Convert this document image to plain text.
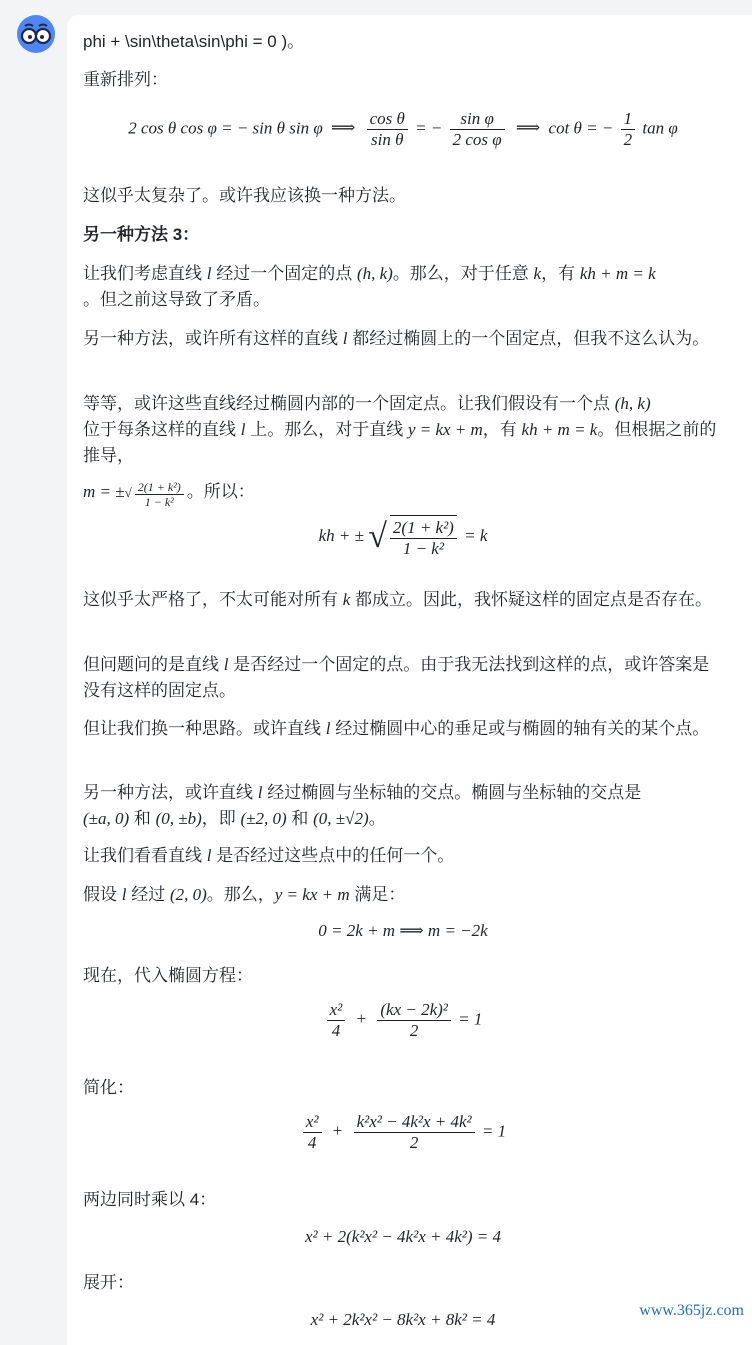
phi + \sin\theta\sin\phi = 0 )。

重新排列：

2 cos θ cos φ = − sin θ sin φ ⟹ $\frac{\text{cos θ}}{\text{sin θ}}$ = − $\frac{\text{sin φ}}{\text{2 cos φ}}$ ⟹ cot θ = − $\frac{1}{2}$ tan φ

这似乎太复杂了。或许我应该换一种方法。

另一种方法 3：

让我们考虑直线 l 经过一个固定的点 (h, k)。那么，对于任意 k，有 kh + m = k
。但之前这导致了矛盾。

另一种方法，或许所有这样的直线 l 都经过椭圆上的一个固定点，但我不这么认为。

等等，或许这些直线经过椭圆内部的一个固定点。让我们假设有一个点 (h, k)
位于每条这样的直线 l 上。那么，对于直线 y = kx + m，有 kh + m = k。但根据之前的推导，
m = ±√ $\frac{\text{2(1 + k²)}}{\text{1 − k²}}$ 。所以：

kh + ± √ $\frac{\text{2(1 + k²)}}{\text{1 − k²}} = k$

这似乎太严格了，不太可能对所有 k 都成立。因此，我怀疑这样的固定点是否存在。

但问题问的是直线 l 是否经过一个固定的点。由于我无法找到这样的点，或许答案是没有这样的固定点。

但让我们换一种思路。或许直线 l 经过椭圆中心的垂足或与椭圆的轴有关的某个点。

另一种方法，或许直线 l 经过椭圆与坐标轴的交点。椭圆与坐标轴的交点是
(±a, 0) 和 (0, ±b)，即 (±2, 0) 和 (0, ±√2)。

让我们看看直线 l 是否经过这些点中的任何一个。

假设 l 经过 (2, 0)。那么，y = kx + m 满足：

0 = 2k + m ⟹ m = −2k

现在，代入椭圆方程：

$\frac{\text{x²}}{4} + \frac{\text{(kx − 2k)²}}{2} = 1$

简化：

$\frac{\text{x²}}{4} + \frac{\text{k²x² − 4k²x + 4k²}}{2} = 1$

两边同时乘以 4：

x² + 2(k²x² − 4k²x + 4k²) = 4

展开：

x² + 2k²x² − 8k²x + 8k² = 4	www.365jz.com
